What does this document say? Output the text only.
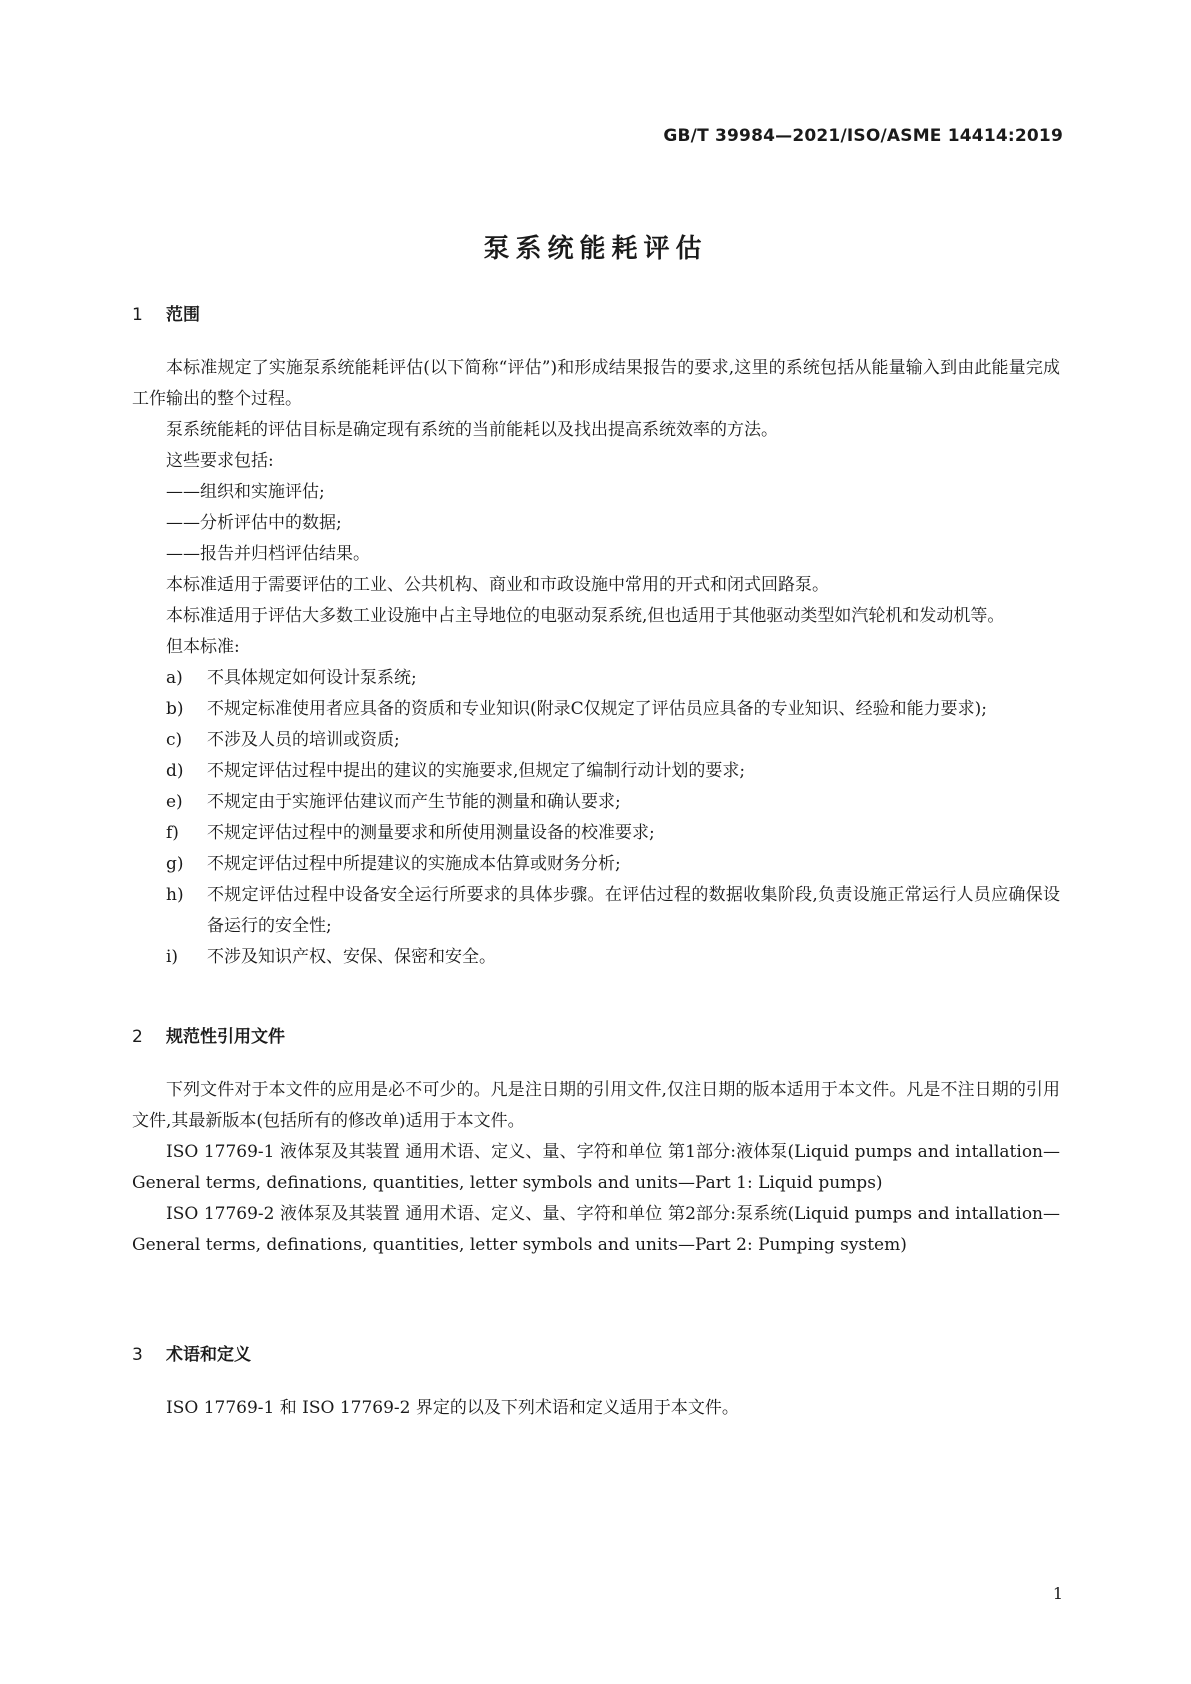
GB/T 39984—2021/ISO/ASME 14414:2019
泵系统能耗评估
1 范围

本标准规定了实施泵系统能耗评估(以下简称“评估”)和形成结果报告的要求,这里的系统包括从能量输入到由此能量完成工作输出的整个过程。

泵系统能耗的评估目标是确定现有系统的当前能耗以及找出提高系统效率的方法。

这些要求包括:

——组织和实施评估;

——分析评估中的数据;

——报告并归档评估结果。

本标准适用于需要评估的工业、公共机构、商业和市政设施中常用的开式和闭式回路泵。

本标准适用于评估大多数工业设施中占主导地位的电驱动泵系统,但也适用于其他驱动类型如汽轮机和发动机等。

但本标准:

a) 不具体规定如何设计泵系统;

b) 不规定标准使用者应具备的资质和专业知识(附录C仅规定了评估员应具备的专业知识、经验和能力要求);

c) 不涉及人员的培训或资质;

d) 不规定评估过程中提出的建议的实施要求,但规定了编制行动计划的要求;

e) 不规定由于实施评估建议而产生节能的测量和确认要求;

f) 不规定评估过程中的测量要求和所使用测量设备的校准要求;

g) 不规定评估过程中所提建议的实施成本估算或财务分析;

h) 不规定评估过程中设备安全运行所要求的具体步骤。在评估过程的数据收集阶段,负责设施正常运行人员应确保设备运行的安全性;

i) 不涉及知识产权、安保、保密和安全。

2 规范性引用文件

下列文件对于本文件的应用是必不可少的。凡是注日期的引用文件,仅注日期的版本适用于本文件。凡是不注日期的引用文件,其最新版本(包括所有的修改单)适用于本文件。

ISO 17769-1 液体泵及其装置 通用术语、定义、量、字符和单位 第1部分:液体泵(Liquid pumps and intallation—General terms, definations, quantities, letter symbols and units—Part 1: Liquid pumps)

ISO 17769-2 液体泵及其装置 通用术语、定义、量、字符和单位 第2部分:泵系统(Liquid pumps and intallation—General terms, definations, quantities, letter symbols and units—Part 2: Pumping system)

3 术语和定义

ISO 17769-1 和 ISO 17769-2 界定的以及下列术语和定义适用于本文件。

1
